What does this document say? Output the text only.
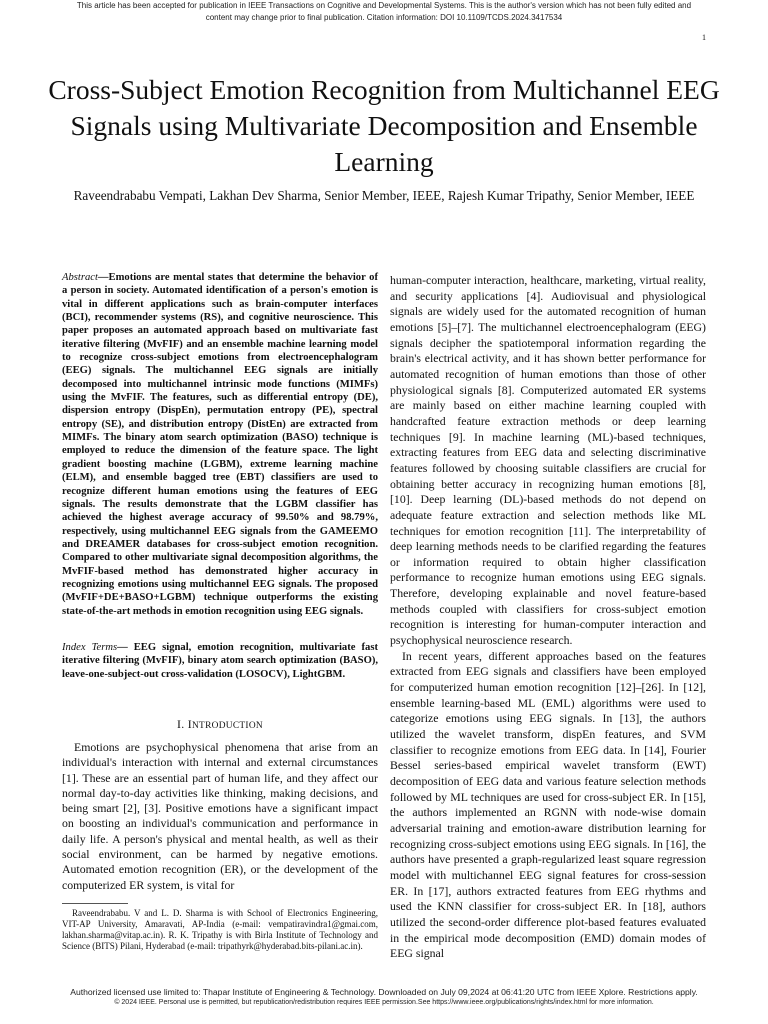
This article has been accepted for publication in IEEE Transactions on Cognitive and Developmental Systems. This is the author's version which has not been fully edited and
content may change prior to final publication. Citation information: DOI 10.1109/TCDS.2024.3417534
1
Cross-Subject Emotion Recognition from Multichannel EEG Signals using Multivariate Decomposition and Ensemble Learning
Raveendrababu Vempati, Lakhan Dev Sharma, Senior Member, IEEE, Rajesh Kumar Tripathy, Senior Member, IEEE
Abstract—Emotions are mental states that determine the behavior of a person in society. Automated identification of a person's emotion is vital in different applications such as brain-computer interfaces (BCI), recommender systems (RS), and cognitive neuroscience. This paper proposes an automated approach based on multivariate fast iterative filtering (MvFIF) and an ensemble machine learning model to recognize cross-subject emotions from electroencephalogram (EEG) signals. The multichannel EEG signals are initially decomposed into multichannel intrinsic mode functions (MIMFs) using the MvFIF. The features, such as differential entropy (DE), dispersion entropy (DispEn), permutation entropy (PE), spectral entropy (SE), and distribution entropy (DistEn) are extracted from MIMFs. The binary atom search optimization (BASO) technique is employed to reduce the dimension of the feature space. The light gradient boosting machine (LGBM), extreme learning machine (ELM), and ensemble bagged tree (EBT) classifiers are used to recognize different human emotions using the features of EEG signals. The results demonstrate that the LGBM classifier has achieved the highest average accuracy of 99.50% and 98.79%, respectively, using multichannel EEG signals from the GAMEEMO and DREAMER databases for cross-subject emotion recognition. Compared to other multivariate signal decomposition algorithms, the MvFIF-based method has demonstrated higher accuracy in recognizing emotions using multichannel EEG signals. The proposed (MvFIF+DE+BASO+LGBM) technique outperforms the existing state-of-the-art methods in emotion recognition using EEG signals.
Index Terms— EEG signal, emotion recognition, multivariate fast iterative filtering (MvFIF), binary atom search optimization (BASO), leave-one-subject-out cross-validation (LOSOCV), LightGBM.
I. INTRODUCTION

Emotions are psychophysical phenomena that arise from an individual's interaction with internal and external circumstances [1]. These are an essential part of human life, and they affect our normal day-to-day activities like thinking, making decisions, and being smart [2], [3]. Positive emotions have a significant impact on boosting an individual's communication and performance in daily life. A person's physical and mental health, as well as their social environment, can be harmed by negative emotions. Automated emotion recognition (ER), or the development of the computerized ER system, is vital for

Raveendrababu. V and L. D. Sharma is with School of Electronics Engineering, VIT-AP University, Amaravati, AP-India (e-mail: vempatiravindra1@gmai.com, lakhan.sharma@vitap.ac.in). R. K. Tripathy is with Birla Institute of Technology and Science (BITS) Pilani, Hyderabad (e-mail: tripathyrk@hyderabad.bits-pilani.ac.in).

human-computer interaction, healthcare, marketing, virtual reality, and security applications [4]. Audiovisual and physiological signals are widely used for the automated recognition of human emotions [5]–[7]. The multichannel electroencephalogram (EEG) signals decipher the spatiotemporal information regarding the brain's electrical activity, and it has shown better performance for automated recognition of human emotions than those of other physiological signals [8]. Computerized automated ER systems are mainly based on either machine learning coupled with handcrafted feature extraction methods or deep learning techniques [9]. In machine learning (ML)-based techniques, extracting features from EEG data and selecting discriminative features followed by choosing suitable classifiers are crucial for obtaining better accuracy in recognizing human emotions [8], [10]. Deep learning (DL)-based methods do not depend on adequate feature extraction and selection methods like ML techniques for emotion recognition [11]. The interpretability of deep learning methods needs to be clarified regarding the features or information required to obtain higher classification performance to recognize human emotions using EEG signals. Therefore, developing explainable and novel feature-based methods coupled with classifiers for cross-subject emotion recognition is interesting for human-computer interaction and psychophysical neuroscience research.

In recent years, different approaches based on the features extracted from EEG signals and classifiers have been employed for computerized human emotion recognition [12]–[26]. In [12], ensemble learning-based ML (EML) algorithms were used to categorize emotions using EEG signals. In [13], the authors utilized the wavelet transform, dispEn features, and SVM classifier to recognize emotions from EEG data. In [14], Fourier Bessel series-based empirical wavelet transform (EWT) decomposition of EEG data and various feature selection methods followed by ML techniques are used for cross-subject ER. In [15], the authors implemented an RGNN with node-wise domain adversarial training and emotion-aware distribution learning for recognizing cross-subject emotions using EEG signals. In [16], the authors have presented a graph-regularized least square regression model with multichannel EEG signal features for cross-session ER. In [17], authors extracted features from EEG rhythms and used the KNN classifier for cross-subject ER. In [18], authors utilized the second-order difference plot-based features evaluated in the empirical mode decomposition (EMD) domain modes of EEG signal

Authorized licensed use limited to: Thapar Institute of Engineering & Technology. Downloaded on July 09,2024 at 06:41:20 UTC from IEEE Xplore. Restrictions apply.
© 2024 IEEE. Personal use is permitted, but republication/redistribution requires IEEE permission.See https://www.ieee.org/publications/rights/index.html for more information.
